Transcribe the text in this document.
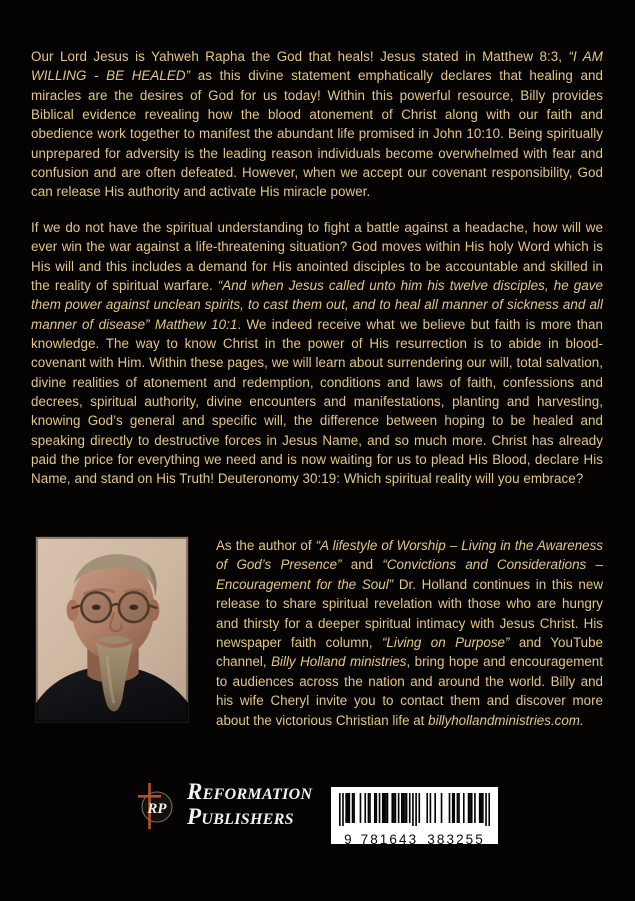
Our Lord Jesus is Yahweh Rapha the God that heals! Jesus stated in Matthew 8:3, “I AM WILLING - BE HEALED” as this divine statement emphatically declares that healing and miracles are the desires of God for us today! Within this powerful resource, Billy provides Biblical evidence revealing how the blood atonement of Christ along with our faith and obedience work together to manifest the abundant life promised in John 10:10. Being spiritually unprepared for adversity is the leading reason individuals become overwhelmed with fear and confusion and are often defeated. However, when we accept our covenant responsibility, God can release His authority and activate His miracle power.

If we do not have the spiritual understanding to fight a battle against a headache, how will we ever win the war against a life-threatening situation? God moves within His holy Word which is His will and this includes a demand for His anointed disciples to be accountable and skilled in the reality of spiritual warfare. “And when Jesus called unto him his twelve disciples, he gave them power against unclean spirits, to cast them out, and to heal all manner of sickness and all manner of disease” Matthew 10:1. We indeed receive what we believe but faith is more than knowledge. The way to know Christ in the power of His resurrection is to abide in blood-covenant with Him. Within these pages, we will learn about surrendering our will, total salvation, divine realities of atonement and redemption, conditions and laws of faith, confessions and decrees, spiritual authority, divine encounters and manifestations, planting and harvesting, knowing God’s general and specific will, the difference between hoping to be healed and speaking directly to destructive forces in Jesus Name, and so much more. Christ has already paid the price for everything we need and is now waiting for us to plead His Blood, declare His Name, and stand on His Truth! Deuteronomy 30:19: Which spiritual reality will you embrace?

As the author of “A lifestyle of Worship – Living in the Awareness of God’s Presence” and “Convictions and Considerations – Encouragement for the Soul” Dr. Holland continues in this new release to share spiritual revelation with those who are hungry and thirsty for a deeper spiritual intimacy with Jesus Christ. His newspaper faith column, “Living on Purpose” and YouTube channel, Billy Holland ministries, bring hope and encouragement to audiences across the nation and around the world. Billy and his wife Cheryl invite you to contact them and discover more about the victorious Christian life at billyhollandministries.com.

RP
Reformation
Publishers
9 781643 383255
